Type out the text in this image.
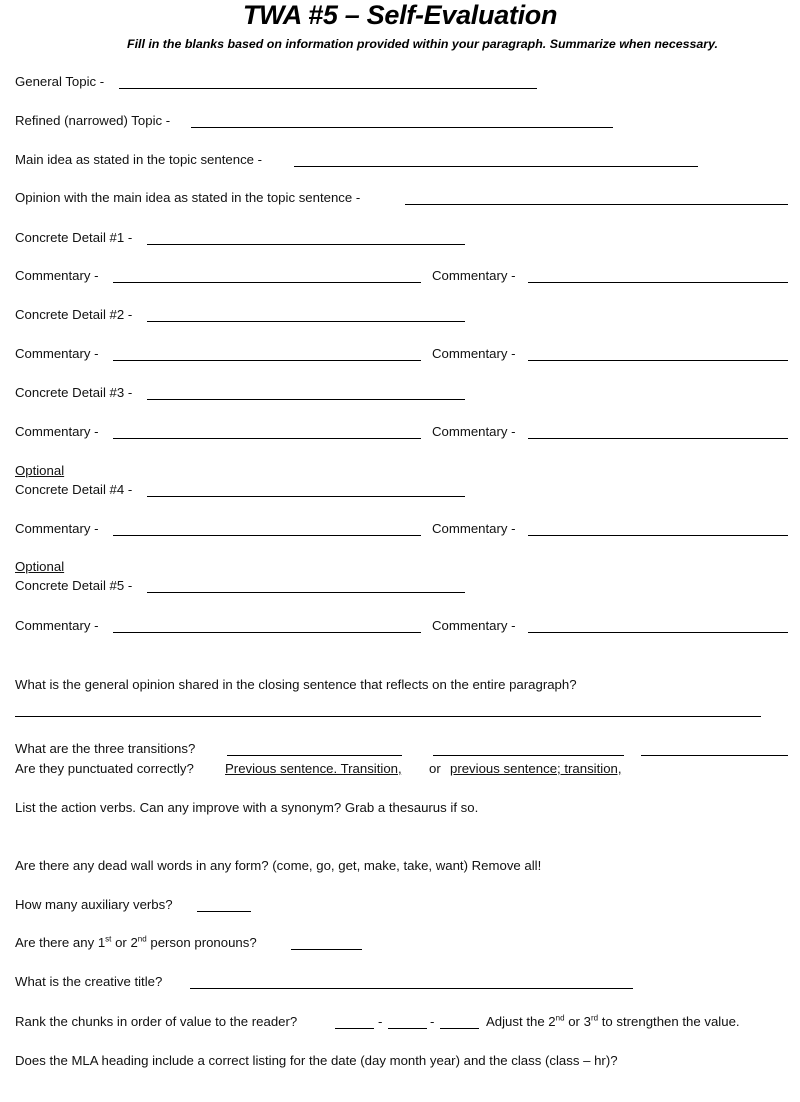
TWA #5 – Self-Evaluation
Fill in the blanks based on information provided within your paragraph. Summarize when necessary.
General Topic -
Refined (narrowed) Topic -
Main idea as stated in the topic sentence -
Opinion with the main idea as stated in the topic sentence -
Concrete Detail #1 -
Commentary -	Commentary -
Concrete Detail #2 -
Commentary -	Commentary -
Concrete Detail #3 -
Commentary -	Commentary -
Optional
Concrete Detail #4 -
Commentary -	Commentary -
Optional
Concrete Detail #5 -
Commentary -	Commentary -
What is the general opinion shared in the closing sentence that reflects on the entire paragraph?
What are the three transitions?
Are they punctuated correctly? Previous sentence. Transition, or previous sentence; transition,
List the action verbs. Can any improve with a synonym? Grab a thesaurus if so.
Are there any dead wall words in any form? (come, go, get, make, take, want) Remove all!
How many auxiliary verbs?
Are there any 1st or 2nd person pronouns?
What is the creative title?
Rank the chunks in order of value to the reader?	-	-	Adjust the 2nd or 3rd to strengthen the value.
Does the MLA heading include a correct listing for the date (day month year) and the class (class – hr)?
